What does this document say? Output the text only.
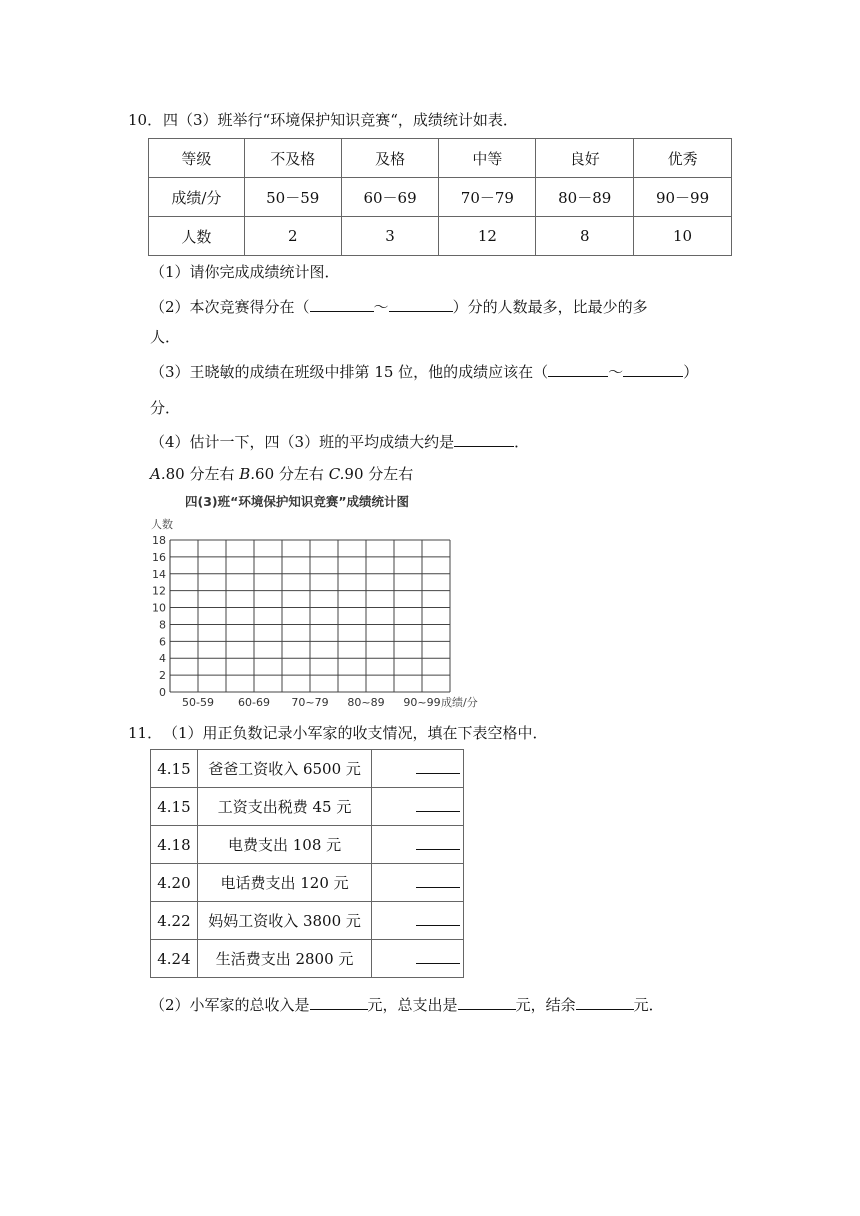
10． 四（3）班举行“环境保护知识竞赛“，成绩统计如表．
等级	不及格	及格	中等	良好	优秀
成绩/分	50－59	60－69	70－79	80－89	90－99
人数	2	3	12	8	10
（1）请你完成成绩统计图．
（2）本次竞赛得分在（	～	）分的人数最多，比最少的多
人．
（3）王晓敏的成绩在班级中排第 15 位，他的成绩应该在（	～	）
分．
（4）估计一下，四（3）班的平均成绩大约是	．
A.80 分左右 B.60 分左右 C.90 分左右
四(3)班“环境保护知识竞赛”成绩统计图
人数
0
2
4
6
8
10
12
14
16
18
50-59 60-69 70~79 80~89 90~99 成绩/分
11． （1）用正负数记录小军家的收支情况，填在下表空格中．
4.15	爸爸工资收入 6500 元	
4.15	工资支出税费 45 元	
4.18	电费支出 108 元	
4.20	电话费支出 120 元	
4.22	妈妈工资收入 3800 元	
4.24	生活费支出 2800 元	
（2）小军家的总收入是	元，总支出是	元，结余	元．
